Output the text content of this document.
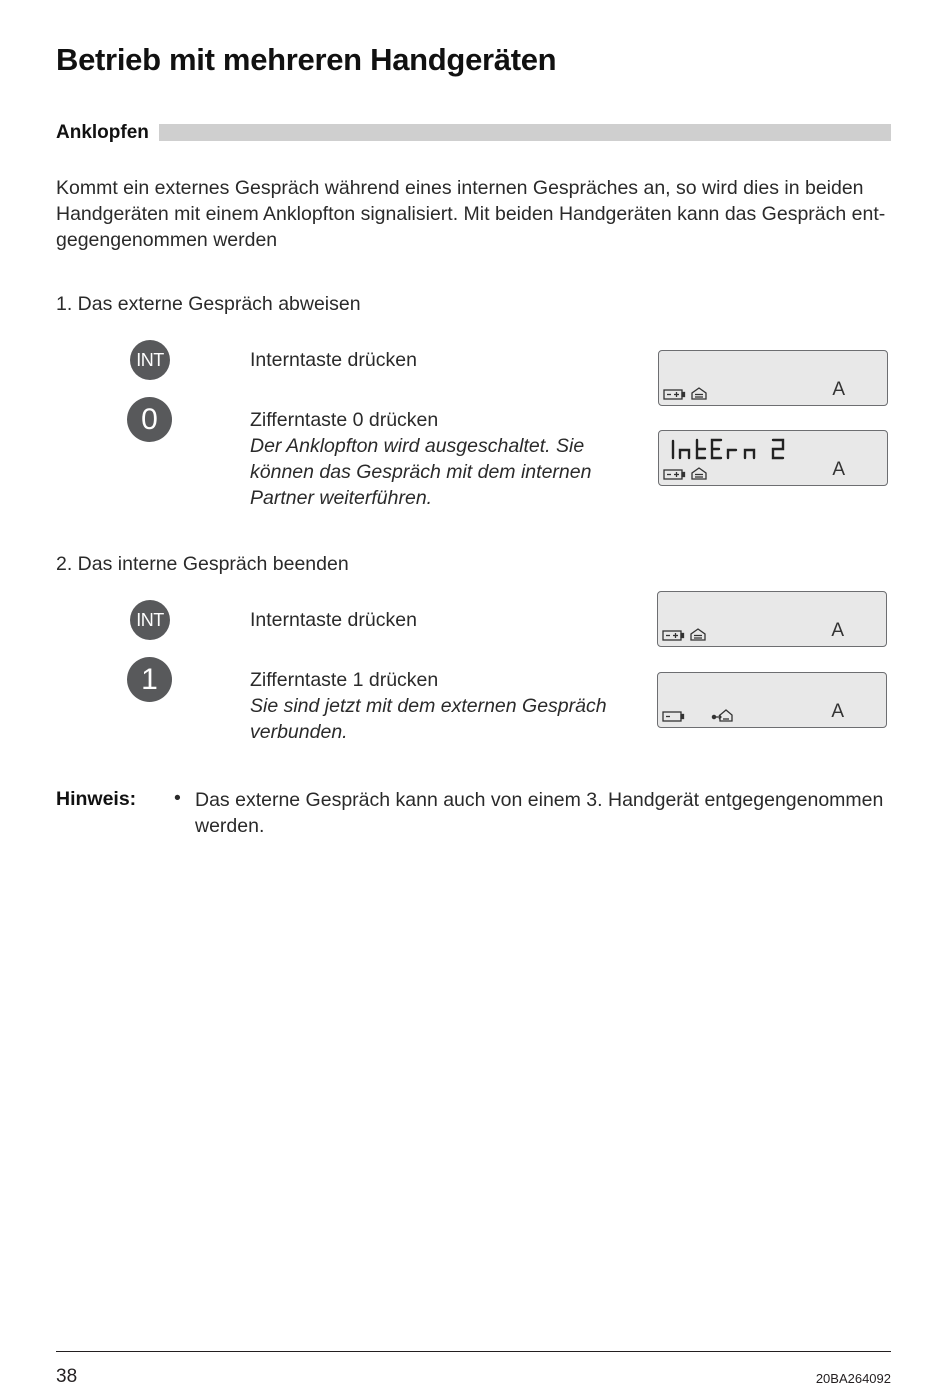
Betrieb mit mehreren Handgeräten
Anklopfen
Kommt ein externes Gespräch während eines internen Gespräches an, so wird dies in beiden Handgeräten mit einem Anklopfton signalisiert. Mit beiden Handgeräten kann das Gespräch entgegengenommen werden
1. Das externe Gespräch abweisen
INT	Interntaste drücken
0	Zifferntaste 0 drücken
Der Anklopfton wird ausgeschaltet. Sie können das Gespräch mit dem internen Partner weiterführen.
A
A
2. Das interne Gespräch beenden
INT	Interntaste drücken
1	Zifferntaste 1 drücken
Sie sind jetzt mit dem externen Gespräch verbunden.
A
A
Hinweis: • Das externe Gespräch kann auch von einem 3. Handgerät entgegengenommen werden.
38	20BA264092
